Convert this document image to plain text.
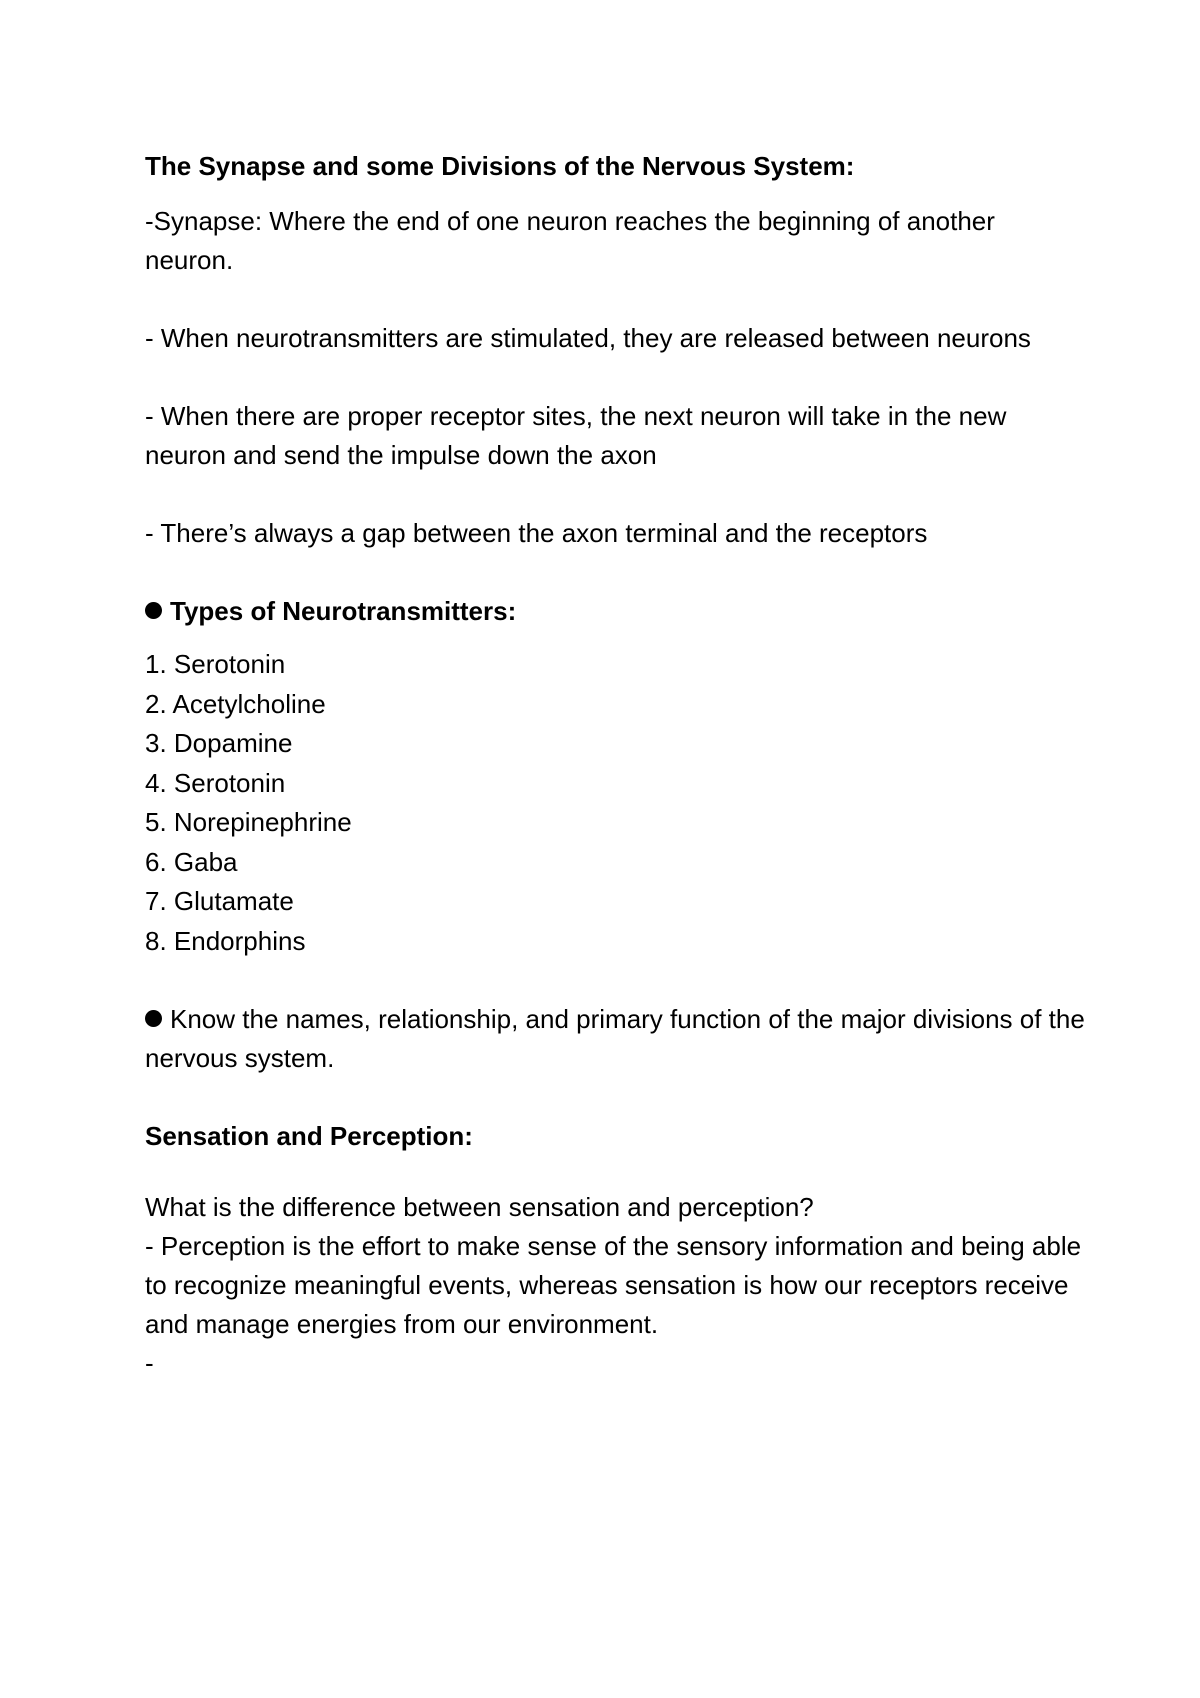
The Synapse and some Divisions of the Nervous System:

-Synapse: Where the end of one neuron reaches the beginning of another neuron.

- When neurotransmitters are stimulated, they are released between neurons

- When there are proper receptor sites, the next neuron will take in the new neuron and send the impulse down the axon

- There’s always a gap between the axon terminal and the receptors

Types of Neurotransmitters:
1. Serotonin
2. Acetylcholine
3. Dopamine
4. Serotonin
5. Norepinephrine
6. Gaba
7. Glutamate
8. Endorphins

Know the names, relationship, and primary function of the major divisions of the nervous system.

Sensation and Perception:

What is the difference between sensation and perception?

- Perception is the effort to make sense of the sensory information and being able to recognize meaningful events, whereas sensation is how our receptors receive and manage energies from our environment.

-
